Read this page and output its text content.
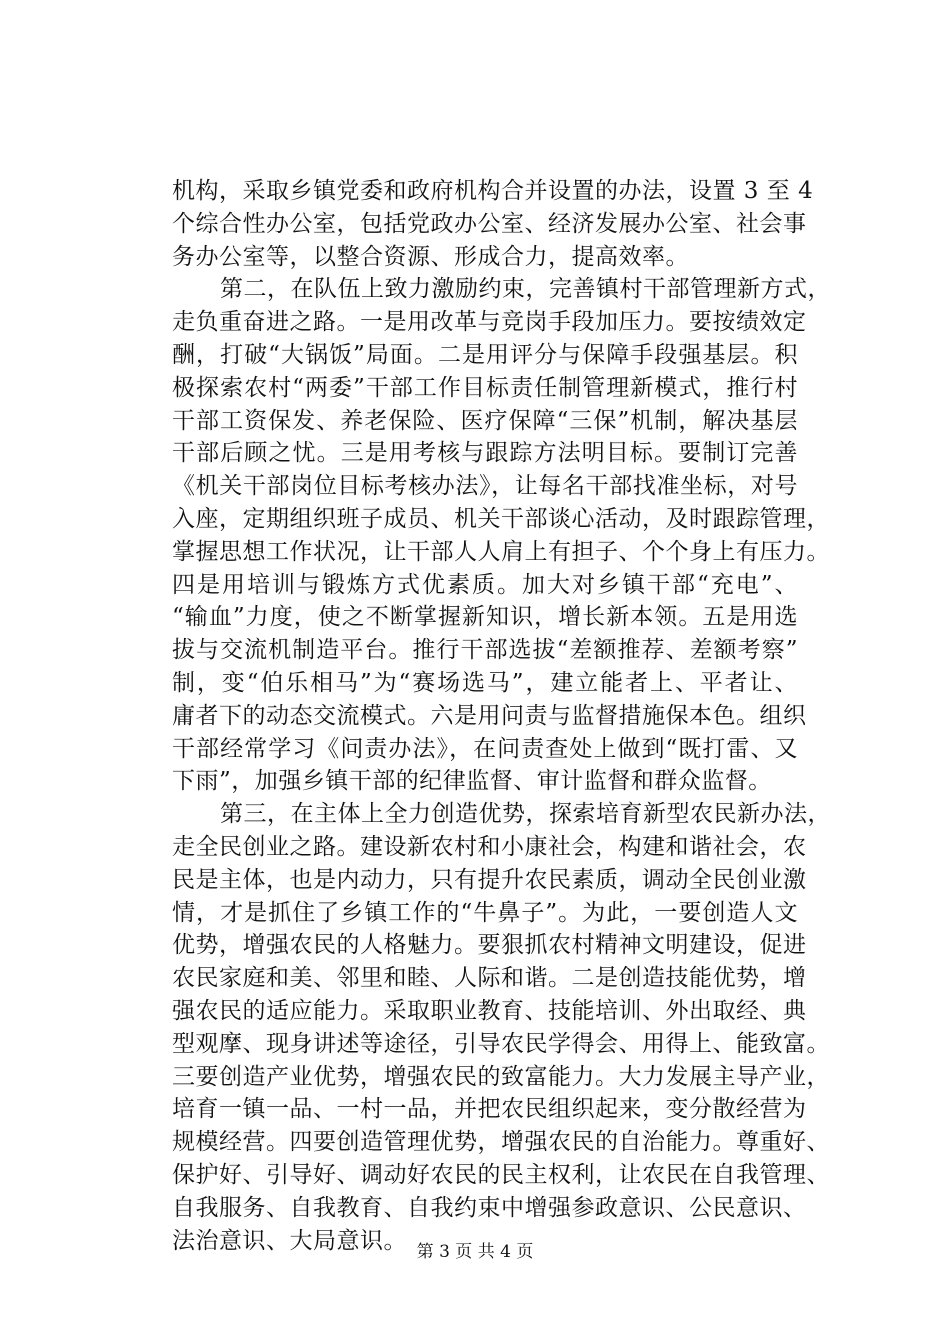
机构，采取乡镇党委和政府机构合并设置的办法，设置 3 至 4
个综合性办公室，包括党政办公室、经济发展办公室、社会事
务办公室等，以整合资源、形成合力，提高效率。
第二，在队伍上致力激励约束，完善镇村干部管理新方式，
走负重奋进之路。一是用改革与竞岗手段加压力。要按绩效定
酬，打破“大锅饭”局面。二是用评分与保障手段强基层。积
极探索农村“两委”干部工作目标责任制管理新模式，推行村
干部工资保发、养老保险、医疗保障“三保”机制，解决基层
干部后顾之忧。三是用考核与跟踪方法明目标。要制订完善
《机关干部岗位目标考核办法》，让每名干部找准坐标，对号
入座，定期组织班子成员、机关干部谈心活动，及时跟踪管理，
掌握思想工作状况，让干部人人肩上有担子、个个身上有压力。
四是用培训与锻炼方式优素质。加大对乡镇干部“充电”、
“输血”力度，使之不断掌握新知识，增长新本领。五是用选
拔与交流机制造平台。推行干部选拔“差额推荐、差额考察”
制，变“伯乐相马”为“赛场选马”，建立能者上、平者让、
庸者下的动态交流模式。六是用问责与监督措施保本色。组织
干部经常学习《问责办法》，在问责查处上做到“既打雷、又
下雨”，加强乡镇干部的纪律监督、审计监督和群众监督。
第三，在主体上全力创造优势，探索培育新型农民新办法，
走全民创业之路。建设新农村和小康社会，构建和谐社会，农
民是主体，也是内动力，只有提升农民素质，调动全民创业激
情，才是抓住了乡镇工作的“牛鼻子”。为此，一要创造人文
优势，增强农民的人格魅力。要狠抓农村精神文明建设，促进
农民家庭和美、邻里和睦、人际和谐。二是创造技能优势，增
强农民的适应能力。采取职业教育、技能培训、外出取经、典
型观摩、现身讲述等途径，引导农民学得会、用得上、能致富。
三要创造产业优势，增强农民的致富能力。大力发展主导产业，
培育一镇一品、一村一品，并把农民组织起来，变分散经营为
规模经营。四要创造管理优势，增强农民的自治能力。尊重好、
保护好、引导好、调动好农民的民主权利，让农民在自我管理、
自我服务、自我教育、自我约束中增强参政意识、公民意识、
法治意识、大局意识。 第 3 页 共 4 页
